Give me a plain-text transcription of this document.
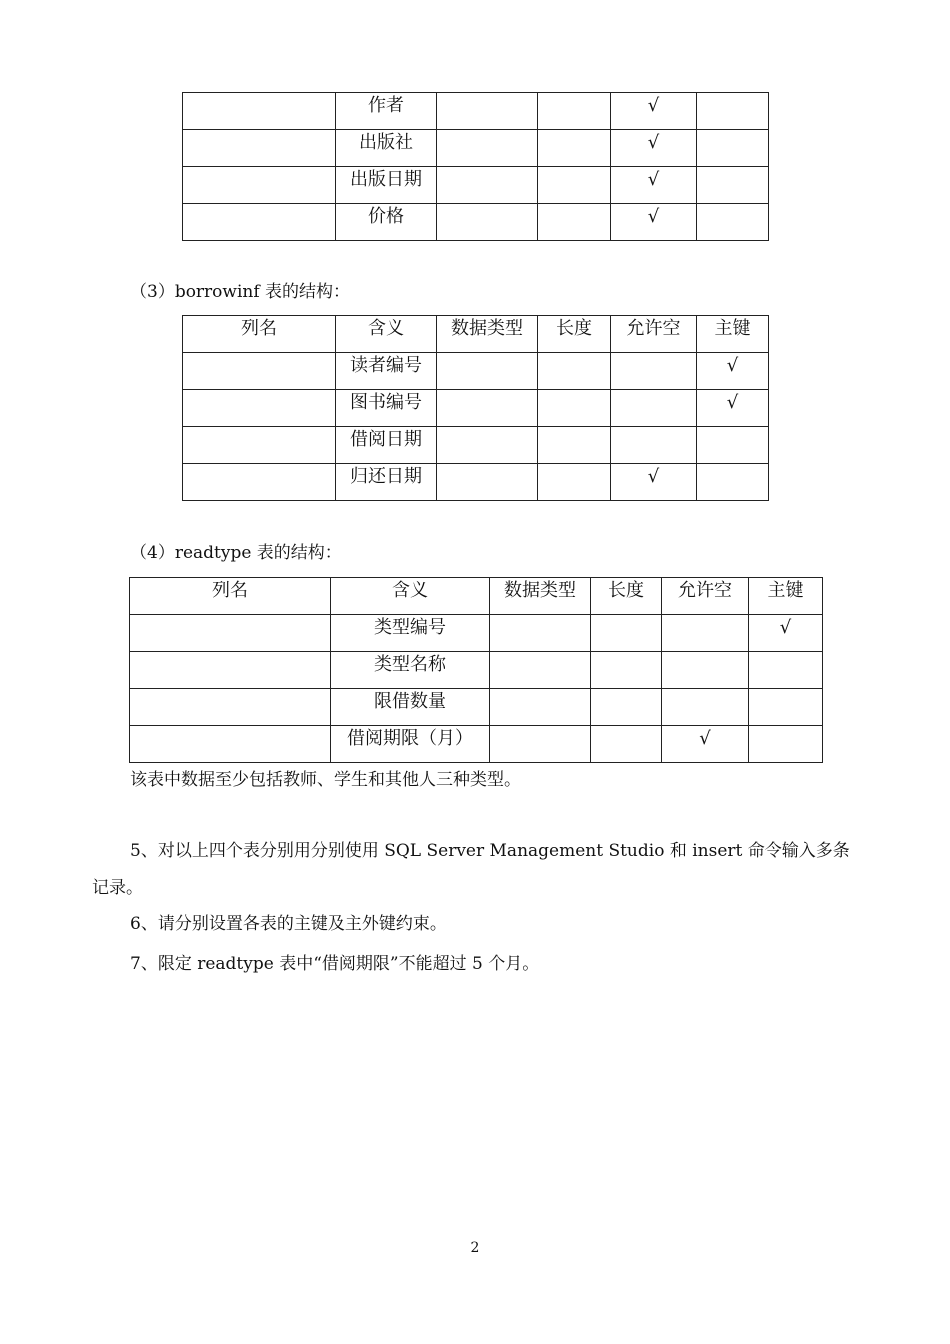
	作者			√	
	出版社			√	
	出版日期			√	
	价格			√	
（3）borrowinf 表的结构：
列名	含义	数据类型	长度	允许空	主键
	读者编号				√
	图书编号				√
	借阅日期				
	归还日期			√	
（4）readtype 表的结构：
列名	含义	数据类型	长度	允许空	主键
	类型编号				√
	类型名称				
	限借数量				
	借阅期限（月）			√	
该表中数据至少包括教师、学生和其他人三种类型。
5、对以上四个表分别用分别使用 SQL Server Management Studio 和 insert 命令输入多条
记录。
6、请分别设置各表的主键及主外键约束。
7、限定 readtype 表中“借阅期限”不能超过 5 个月。
2
